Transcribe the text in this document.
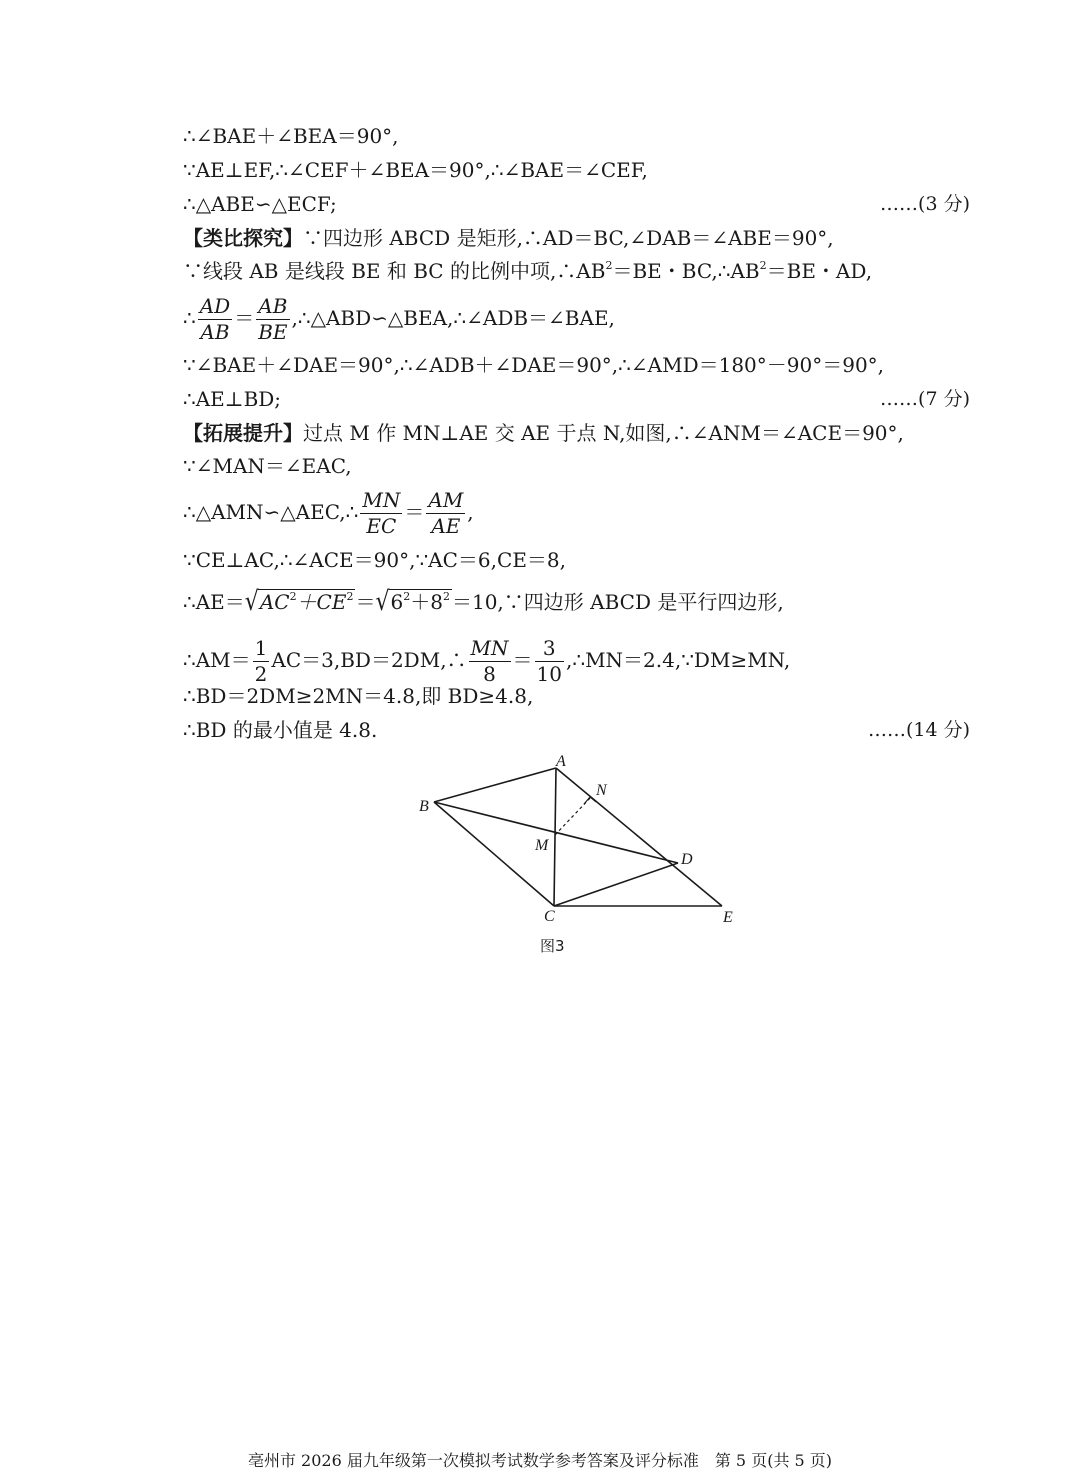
∴∠BAE＋∠BEA＝90°,
∵AE⊥EF,∴∠CEF＋∠BEA＝90°,∴∠BAE＝∠CEF,
∴△ABE∽△ECF;	……(3 分)
【类比探究】∵四边形 ABCD 是矩形,∴AD＝BC,∠DAB＝∠ABE＝90°,
∵线段 AB 是线段 BE 和 BC 的比例中项$,\therefore AB^2=BE$・$BC,\therefore AB^2=BE$・AD,
∴ $\frac{AD}{AB} = \frac{AB}{BE}$ ,∴△ABD∽△BEA,∴∠ADB＝∠BAE,
∵∠BAE＋∠DAE＝90°,∴∠ADB＋∠DAE＝90°,∴∠AMD＝180°－90°＝90°,
∴AE⊥BD;	……(7 分)
【拓展提升】过点 M 作 MN⊥AE 交 AE 于点 N,如图,∴∠ANM＝∠ACE＝90°,
∵∠MAN＝∠EAC,
∴△AMN∽△AEC,∴ $\frac{MN}{EC} = \frac{AM}{AE}$ ,
∵CE⊥AC,∴∠ACE＝90°,∵AC＝6,CE＝8,
$\therefore AE=√AC^2+CE^2 =√6^2+8^2$ ＝10,∵四边形 ABCD 是平行四边形,
∴AM＝ $\frac{1}{2}$ AC＝3,BD＝2DM,∴ $\frac{MN}{8} = \frac{3}{10}$ ,∴MN＝2.4,∵DM≥MN,
∴BD＝2DM≥2MN＝4.8,即 BD≥4.8,
∴BD 的最小值是 4.8.	……(14 分)
A
B
C
D
E
M
N
图3
亳州市 2026 届九年级第一次模拟考试数学参考答案及评分标准　第 5 页(共 5 页)
